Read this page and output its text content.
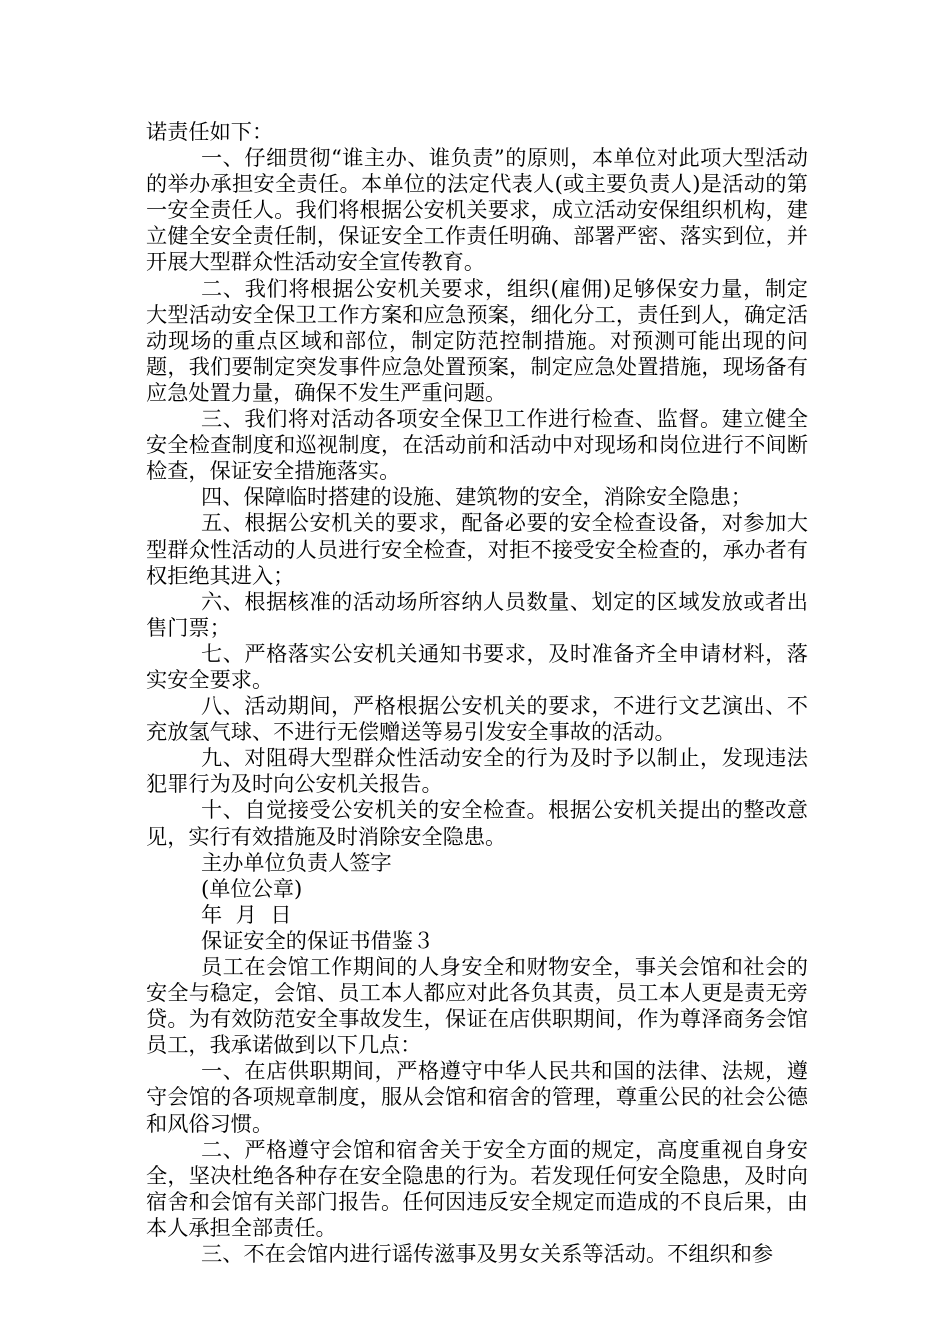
诺责任如下：

一、仔细贯彻“谁主办、谁负责”的原则，本单位对此项大型活动的举办承担安全责任。本单位的法定代表人(或主要负责人)是活动的第一安全责任人。我们将根据公安机关要求，成立活动安保组织机构，建立健全安全责任制，保证安全工作责任明确、部署严密、落实到位，并开展大型群众性活动安全宣传教育。

二、我们将根据公安机关要求，组织(雇佣)足够保安力量，制定大型活动安全保卫工作方案和应急预案，细化分工，责任到人，确定活动现场的重点区域和部位，制定防范控制措施。对预测可能出现的问题，我们要制定突发事件应急处置预案，制定应急处置措施，现场备有应急处置力量，确保不发生严重问题。

三、我们将对活动各项安全保卫工作进行检查、监督。建立健全安全检查制度和巡视制度，在活动前和活动中对现场和岗位进行不间断检查，保证安全措施落实。

四、保障临时搭建的设施、建筑物的安全，消除安全隐患；

五、根据公安机关的要求，配备必要的安全检查设备，对参加大型群众性活动的人员进行安全检查，对拒不接受安全检查的，承办者有权拒绝其进入；

六、根据核准的活动场所容纳人员数量、划定的区域发放或者出售门票；

七、严格落实公安机关通知书要求，及时准备齐全申请材料，落实安全要求。

八、活动期间，严格根据公安机关的要求，不进行文艺演出、不充放氢气球、不进行无偿赠送等易引发安全事故的活动。

九、对阻碍大型群众性活动安全的行为及时予以制止，发现违法犯罪行为及时向公安机关报告。

十、自觉接受公安机关的安全检查。根据公安机关提出的整改意见，实行有效措施及时消除安全隐患。

主办单位负责人签字

(单位公章)

年  月  日

保证安全的保证书借鉴３

员工在会馆工作期间的人身安全和财物安全，事关会馆和社会的安全与稳定，会馆、员工本人都应对此各负其责，员工本人更是责无旁贷。为有效防范安全事故发生，保证在店供职期间，作为尊泽商务会馆员工，我承诺做到以下几点：

一、在店供职期间，严格遵守中华人民共和国的法律、法规，遵守会馆的各项规章制度，服从会馆和宿舍的管理，尊重公民的社会公德和风俗习惯。

二、严格遵守会馆和宿舍关于安全方面的规定，高度重视自身安全，坚决杜绝各种存在安全隐患的行为。若发现任何安全隐患，及时向宿舍和会馆有关部门报告。任何因违反安全规定而造成的不良后果，由本人承担全部责任。

三、不在会馆内进行谣传滋事及男女关系等活动。不组织和参
